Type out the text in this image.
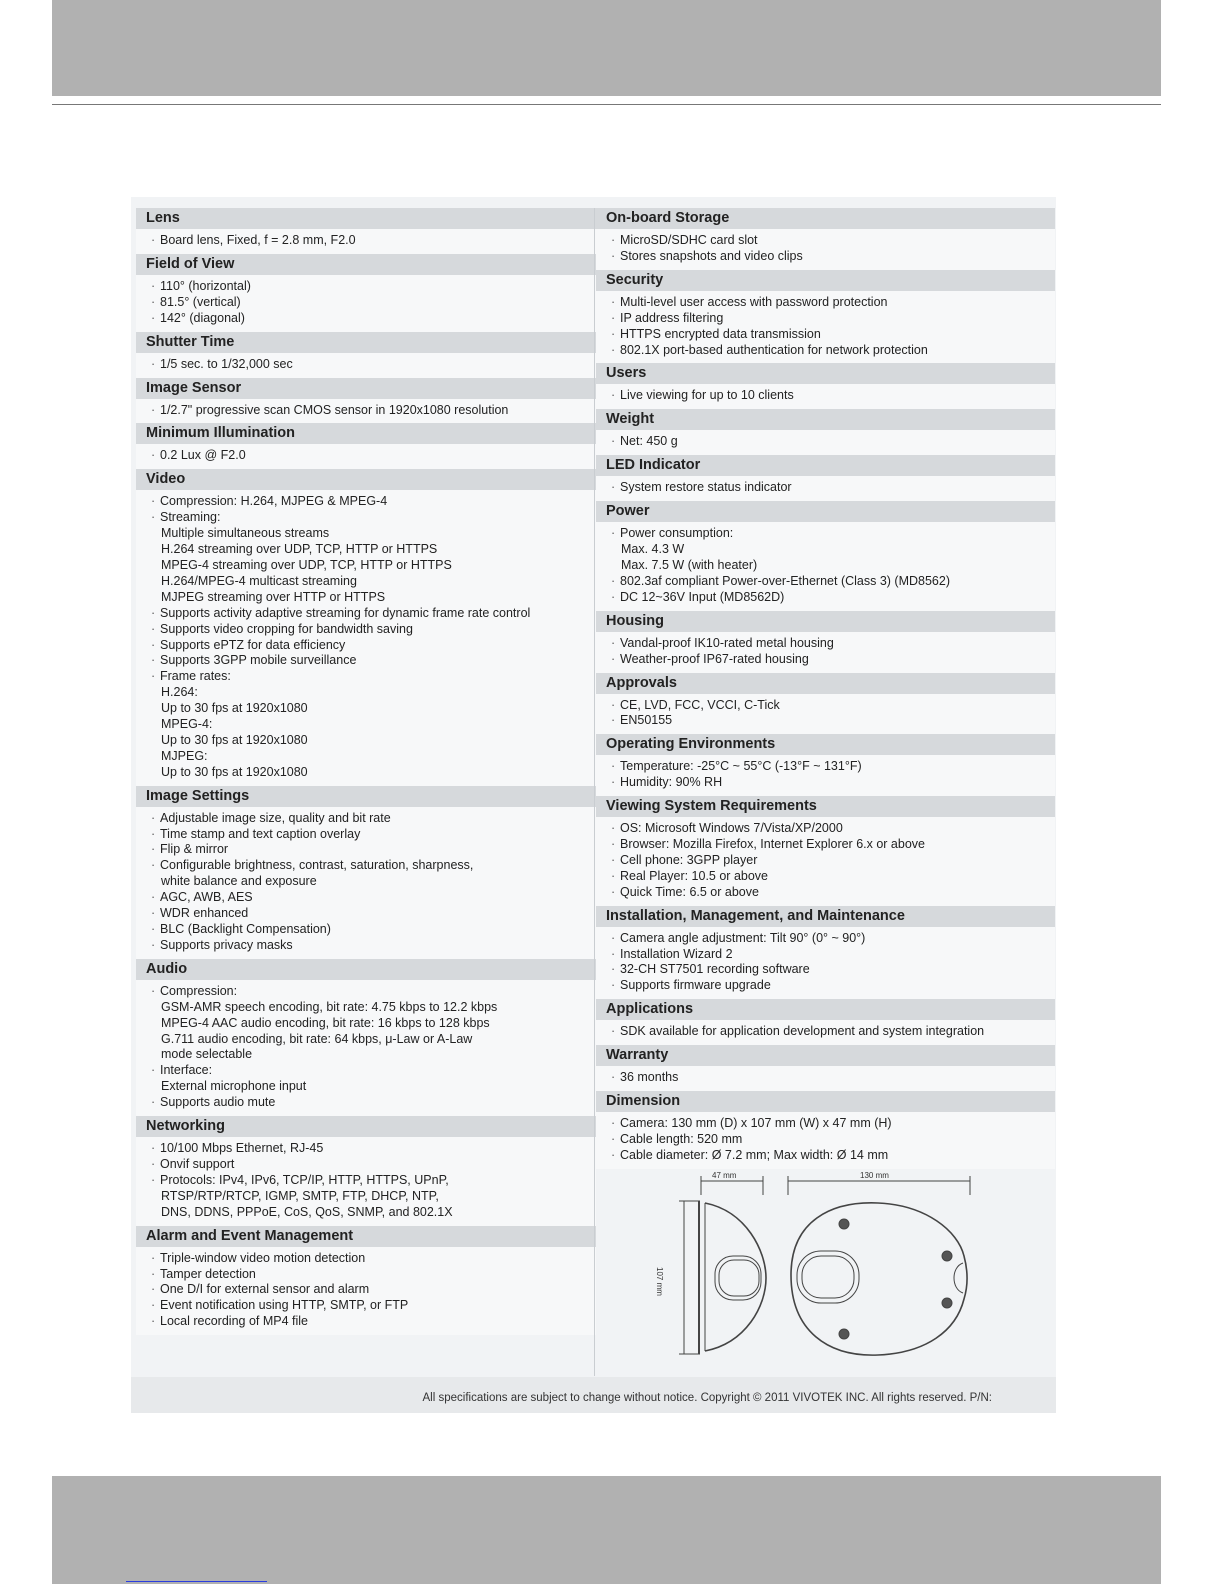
Lens
· Board lens, Fixed, f = 2.8 mm, F2.0
Field of View
· 110° (horizontal)
· 81.5° (vertical)
· 142° (diagonal)
Shutter Time
· 1/5 sec. to 1/32,000 sec
Image Sensor
· 1/2.7" progressive scan CMOS sensor in 1920x1080 resolution
Minimum Illumination
· 0.2 Lux @ F2.0
Video
· Compression: H.264, MJPEG & MPEG-4
· Streaming:
Multiple simultaneous streams
H.264 streaming over UDP, TCP, HTTP or HTTPS
MPEG-4 streaming over UDP, TCP, HTTP or HTTPS
H.264/MPEG-4 multicast streaming
MJPEG streaming over HTTP or HTTPS
· Supports activity adaptive streaming for dynamic frame rate control
· Supports video cropping for bandwidth saving
· Supports ePTZ for data efficiency
· Supports 3GPP mobile surveillance
· Frame rates:
H.264:
Up to 30 fps at 1920x1080
MPEG-4:
Up to 30 fps at 1920x1080
MJPEG:
Up to 30 fps at 1920x1080
Image Settings
· Adjustable image size, quality and bit rate
· Time stamp and text caption overlay
· Flip & mirror
· Configurable brightness, contrast, saturation, sharpness,
white balance and exposure
· AGC, AWB, AES
· WDR enhanced
· BLC (Backlight Compensation)
· Supports privacy masks
Audio
· Compression:
GSM-AMR speech encoding, bit rate: 4.75 kbps to 12.2 kbps
MPEG-4 AAC audio encoding, bit rate: 16 kbps to 128 kbps
G.711 audio encoding, bit rate: 64 kbps, μ-Law or A-Law
mode selectable
· Interface:
External microphone input
· Supports audio mute
Networking
· 10/100 Mbps Ethernet, RJ-45
· Onvif support
· Protocols: IPv4, IPv6, TCP/IP, HTTP, HTTPS, UPnP,
RTSP/RTP/RTCP, IGMP, SMTP, FTP, DHCP, NTP,
DNS, DDNS, PPPoE, CoS, QoS, SNMP, and 802.1X
Alarm and Event Management
· Triple-window video motion detection
· Tamper detection
· One D/I for external sensor and alarm
· Event notification using HTTP, SMTP, or FTP
· Local recording of MP4 file
On-board Storage
· MicroSD/SDHC card slot
· Stores snapshots and video clips
Security
· Multi-level user access with password protection
· IP address filtering
· HTTPS encrypted data transmission
· 802.1X port-based authentication for network protection
Users
· Live viewing for up to 10 clients
Weight
· Net: 450 g
LED Indicator
· System restore status indicator
Power
· Power consumption:
Max. 4.3 W
Max. 7.5 W (with heater)
· 802.3af compliant Power-over-Ethernet (Class 3) (MD8562)
· DC 12~36V Input (MD8562D)
Housing
· Vandal-proof IK10-rated metal housing
· Weather-proof IP67-rated housing
Approvals
· CE, LVD, FCC, VCCI, C-Tick
· EN50155
Operating Environments
· Temperature: -25°C ~ 55°C (-13°F ~ 131°F)
· Humidity: 90% RH
Viewing System Requirements
· OS: Microsoft Windows 7/Vista/XP/2000
· Browser: Mozilla Firefox, Internet Explorer 6.x or above
· Cell phone: 3GPP player
· Real Player: 10.5 or above
· Quick Time: 6.5 or above
Installation, Management, and Maintenance
· Camera angle adjustment: Tilt 90° (0° ~ 90°)
· Installation Wizard 2
· 32-CH ST7501 recording software
· Supports firmware upgrade
Applications
· SDK available for application development and system integration
Warranty
· 36 months
Dimension
· Camera: 130 mm (D) x 107 mm (W) x 47 mm (H)
· Cable length: 520 mm
· Cable diameter: Ø 7.2 mm; Max width: Ø 14 mm
47 mm	130 mm
107 mm
All specifications are subject to change without notice. Copyright © 2011 VIVOTEK INC. All rights reserved. P/N:
